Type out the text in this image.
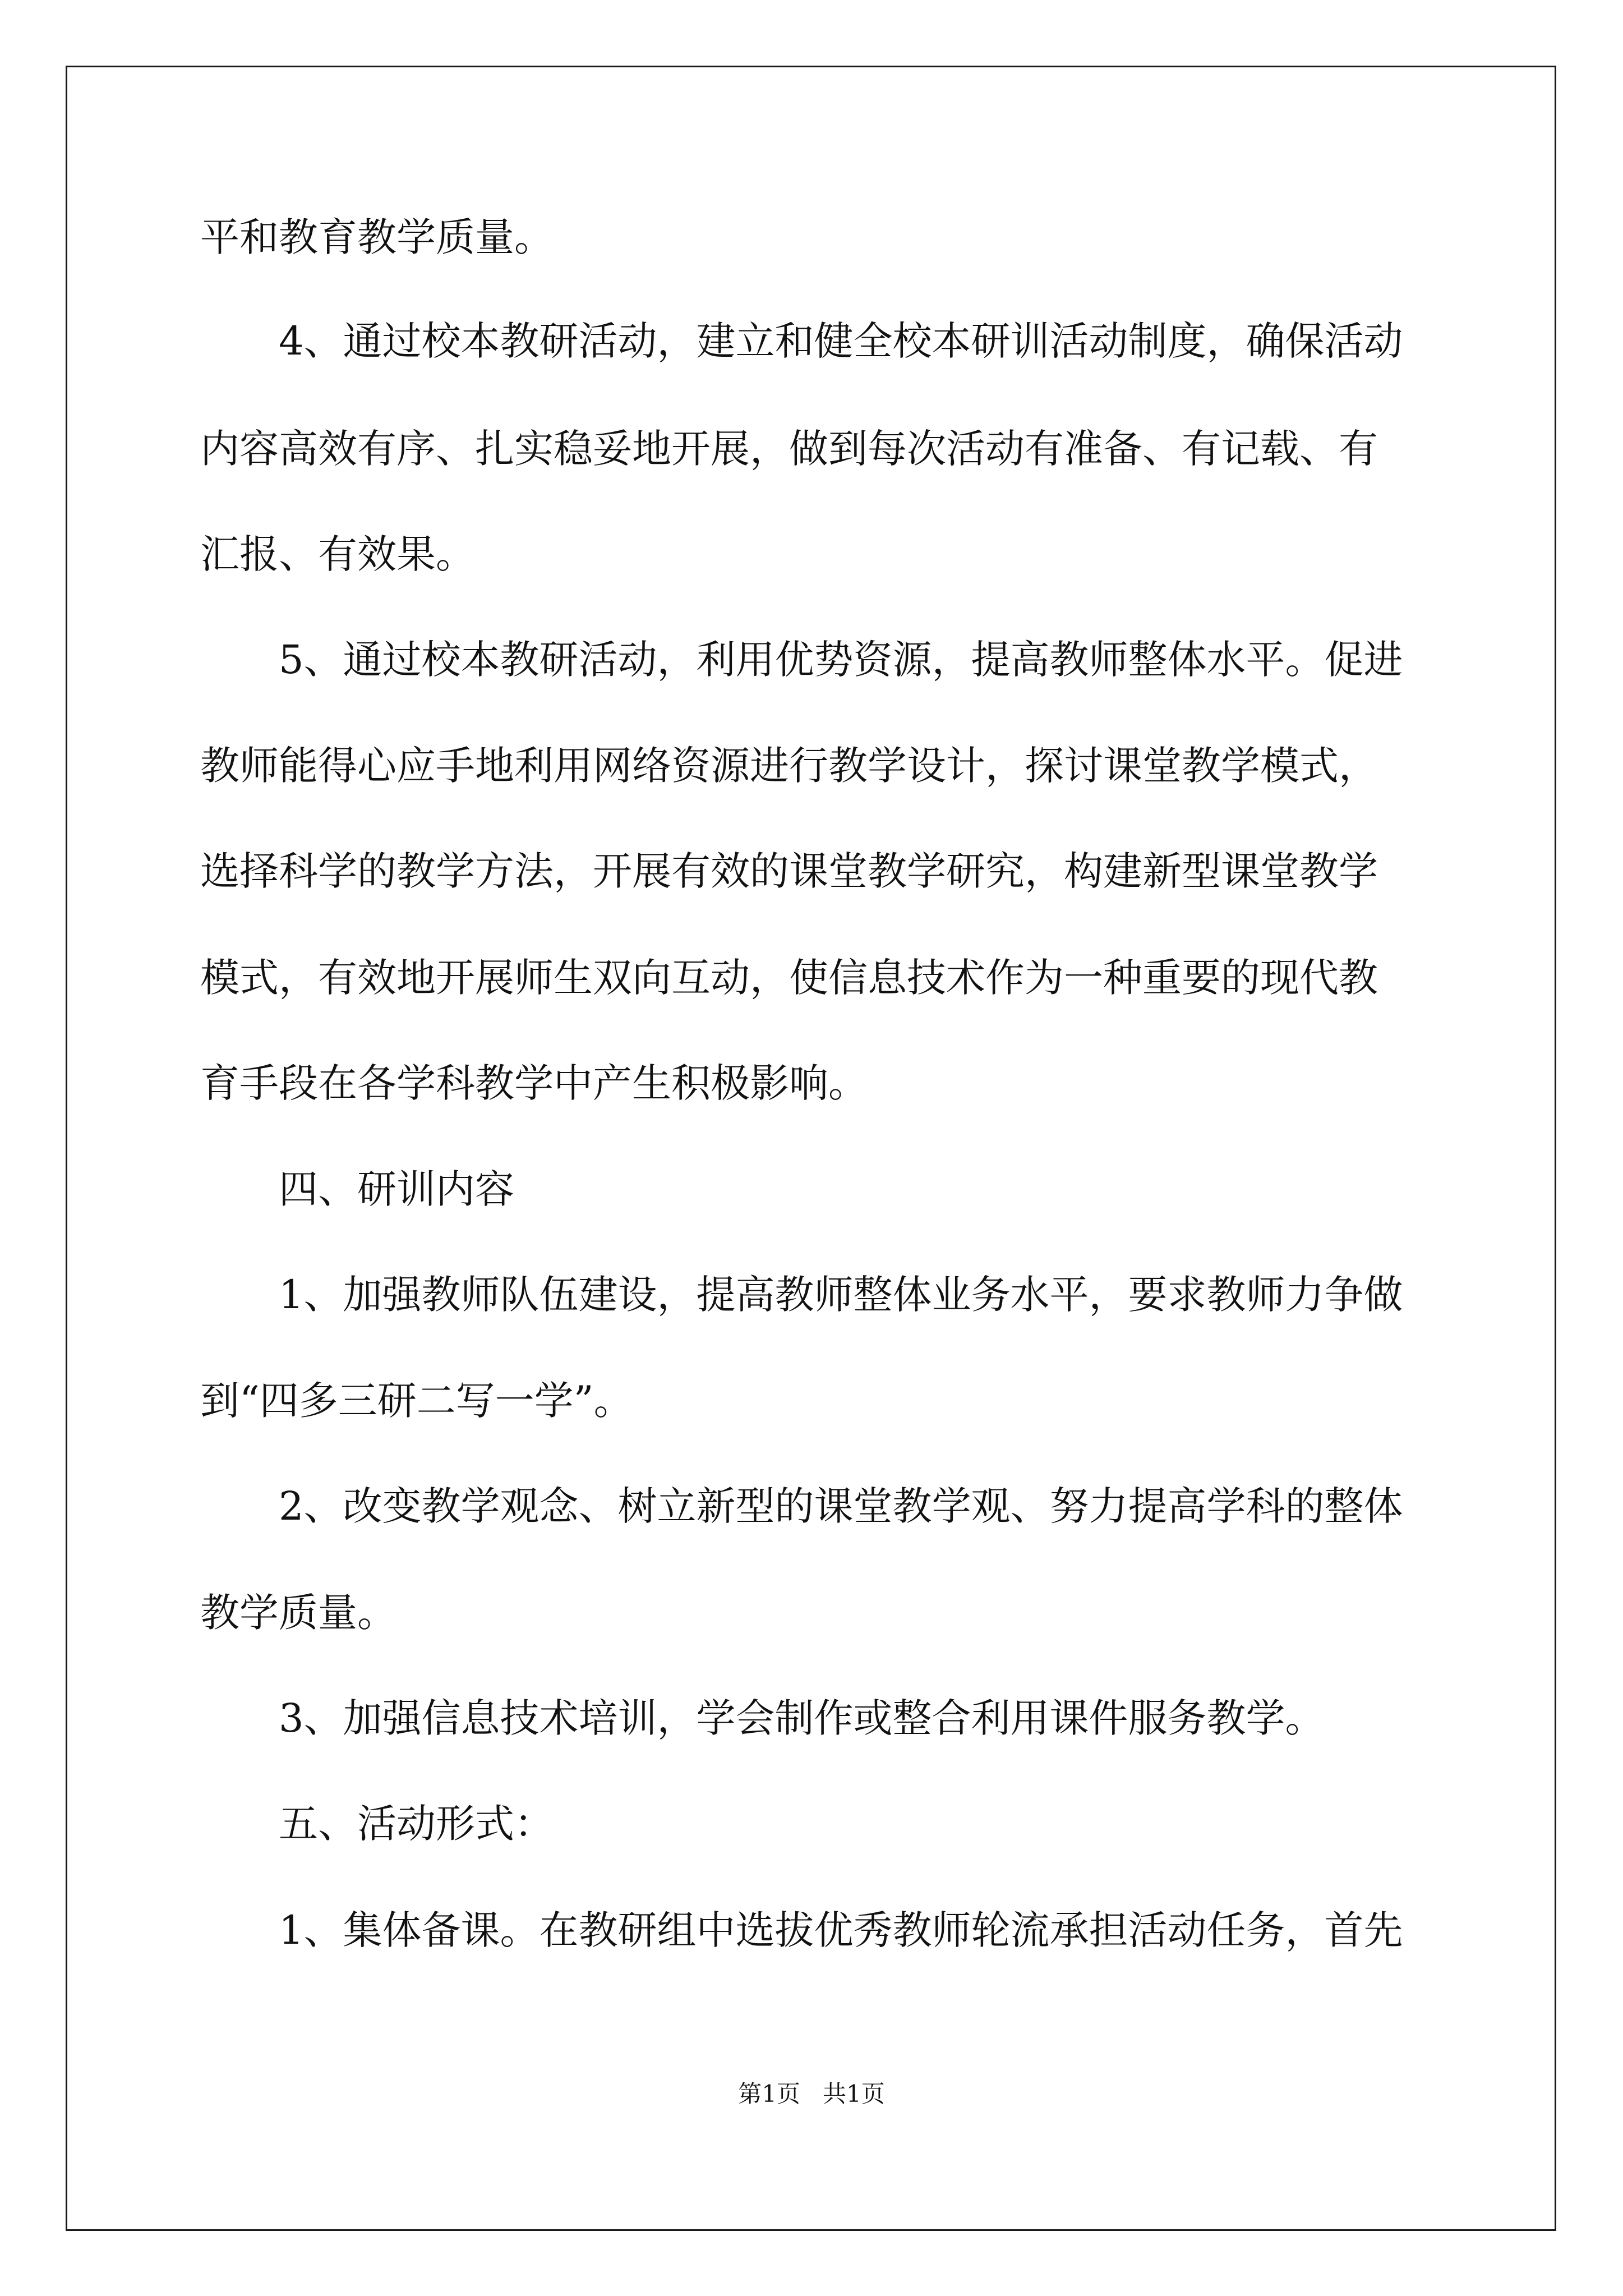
平和教育教学质量。

4、通过校本教研活动，建立和健全校本研训活动制度，确保活动

内容高效有序、扎实稳妥地开展，做到每次活动有准备、有记载、有

汇报、有效果。

5、通过校本教研活动，利用优势资源，提高教师整体水平。促进

教师能得心应手地利用网络资源进行教学设计，探讨课堂教学模式，

选择科学的教学方法，开展有效的课堂教学研究，构建新型课堂教学

模式，有效地开展师生双向互动，使信息技术作为一种重要的现代教

育手段在各学科教学中产生积极影响。

四、研训内容

1、加强教师队伍建设，提高教师整体业务水平，要求教师力争做

到“四多三研二写一学”。

2、改变教学观念、树立新型的课堂教学观、努力提高学科的整体

教学质量。

3、加强信息技术培训，学会制作或整合利用课件服务教学。

五、活动形式：

1、集体备课。在教研组中选拔优秀教师轮流承担活动任务，首先

第1页   共1页
